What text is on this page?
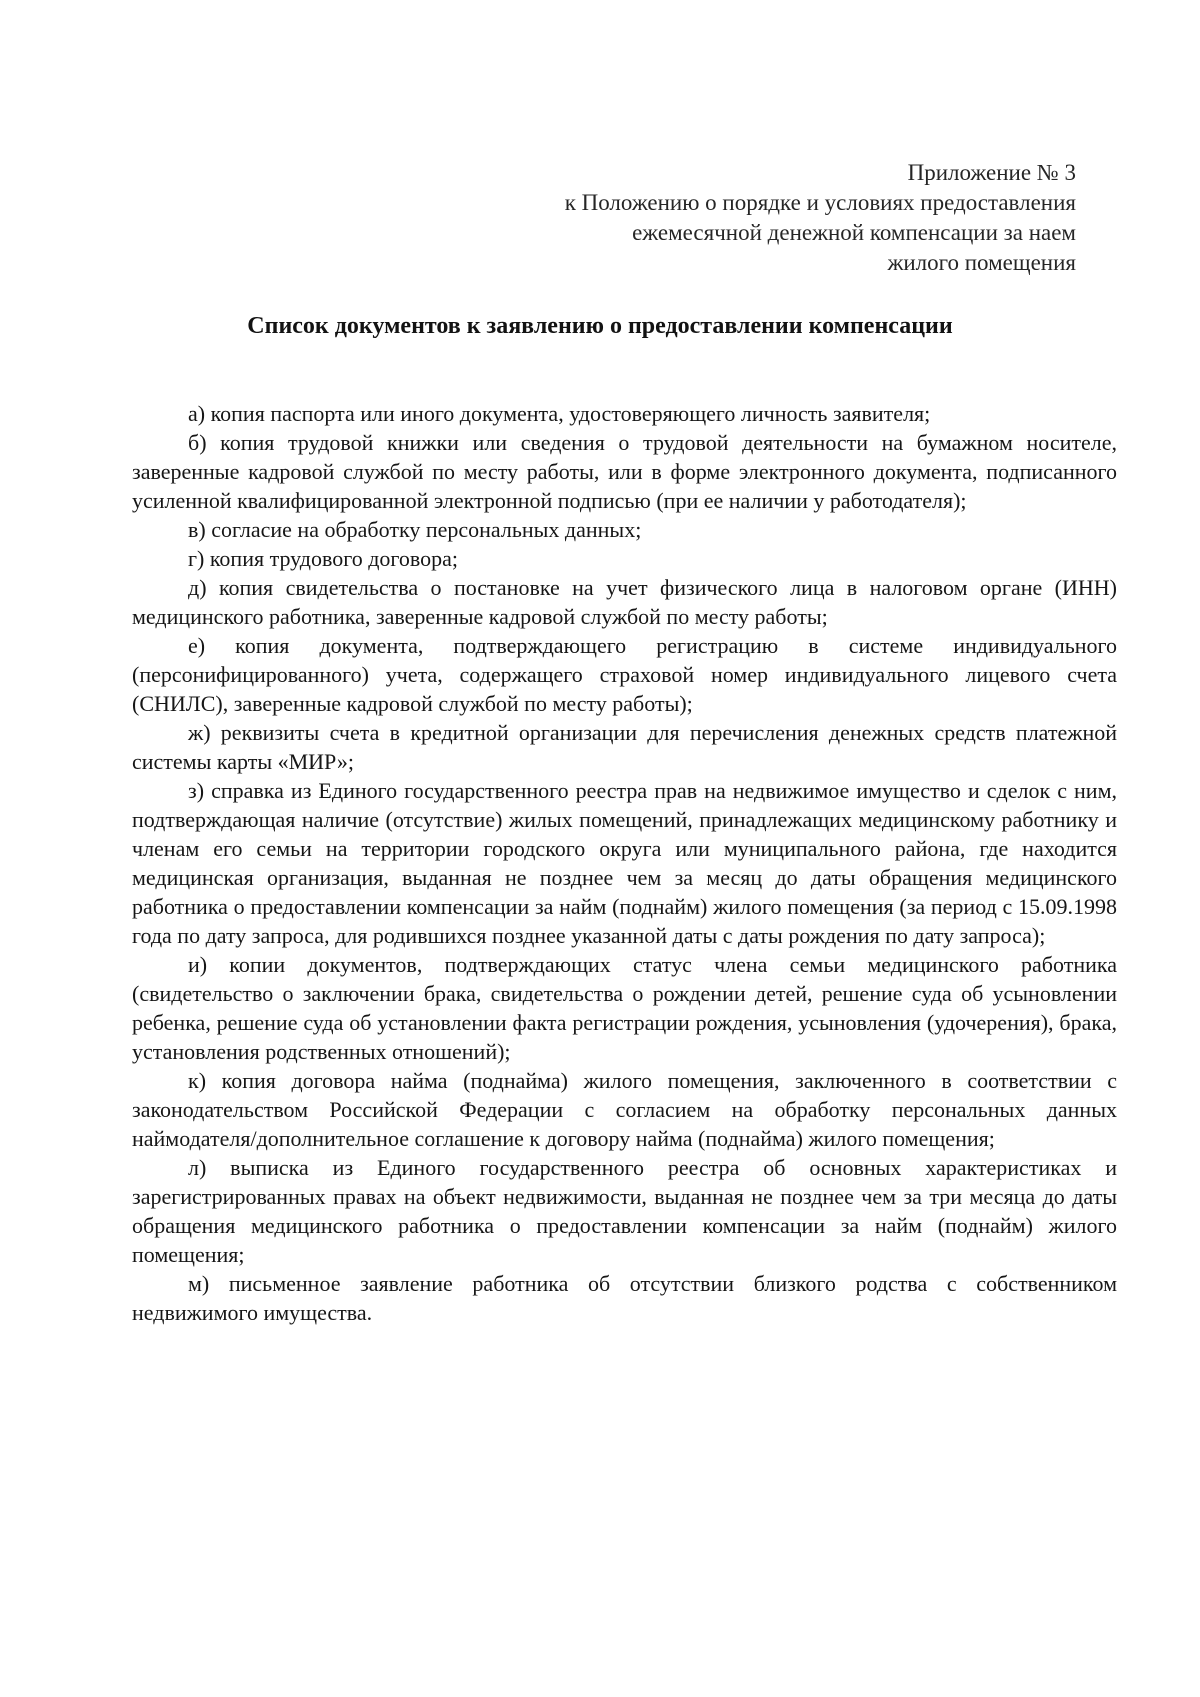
Приложение № 3
к Положению о порядке и условиях предоставления
ежемесячной денежной компенсации за наем
жилого помещения
Список документов к заявлению о предоставлении компенсации

а) копия паспорта или иного документа, удостоверяющего личность заявителя;

б) копия трудовой книжки или сведения о трудовой деятельности на бумажном носителе, заверенные кадровой службой по месту работы, или в форме электронного документа, подписанного усиленной квалифицированной электронной подписью (при ее наличии у работодателя);

в) согласие на обработку персональных данных;

г) копия трудового договора;

д) копия свидетельства о постановке на учет физического лица в налоговом органе (ИНН) медицинского работника, заверенные кадровой службой по месту работы;

е) копия документа, подтверждающего регистрацию в системе индивидуального (персонифицированного) учета, содержащего страховой номер индивидуального лицевого счета (СНИЛС), заверенные кадровой службой по месту работы);

ж) реквизиты счета в кредитной организации для перечисления денежных средств платежной системы карты «МИР»;

з) справка из Единого государственного реестра прав на недвижимое имущество и сделок с ним, подтверждающая наличие (отсутствие) жилых помещений, принадлежащих медицинскому работнику и членам его семьи на территории городского округа или муниципального района, где находится медицинская организация, выданная не позднее чем за месяц до даты обращения медицинского работника о предоставлении компенсации за найм (поднайм) жилого помещения (за период с 15.09.1998 года по дату запроса, для родившихся позднее указанной даты с даты рождения по дату запроса);

и) копии документов, подтверждающих статус члена семьи медицинского работника (свидетельство о заключении брака, свидетельства о рождении детей, решение суда об усыновлении ребенка, решение суда об установлении факта регистрации рождения, усыновления (удочерения), брака, установления родственных отношений);

к) копия договора найма (поднайма) жилого помещения, заключенного в соответствии с законодательством Российской Федерации с согласием на обработку персональных данных наймодателя/дополнительное соглашение к договору найма (поднайма) жилого помещения;

л) выписка из Единого государственного реестра об основных характеристиках и зарегистрированных правах на объект недвижимости, выданная не позднее чем за три месяца до даты обращения медицинского работника о предоставлении компенсации за найм (поднайм) жилого помещения;

м) письменное заявление работника об отсутствии близкого родства с собственником недвижимого имущества.
